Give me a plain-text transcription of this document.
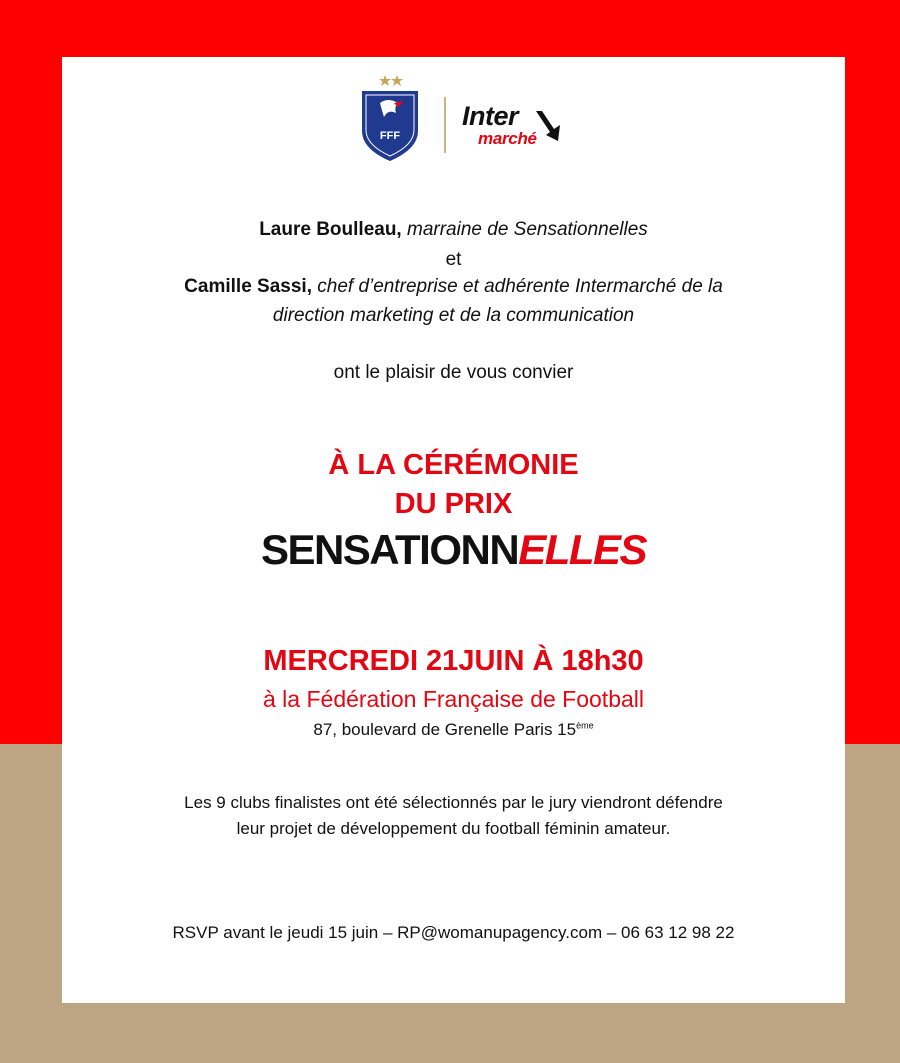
FFF
Inter
marché
Laure Boulleau, marraine de Sensationnelles
et
Camille Sassi, chef d’entreprise et adhérente Intermarché de la
direction marketing et de la communication
ont le plaisir de vous convier
À LA CÉRÉMONIE
DU PRIX
SENSATIONNELLES
MERCREDI 21JUIN À 18h30
à la Fédération Française de Football
87, boulevard de Grenelle Paris 15ème
Les 9 clubs finalistes ont été sélectionnés par le jury viendront défendre
leur projet de développement du football féminin amateur.
RSVP avant le jeudi 15 juin – RP@womanupagency.com – 06 63 12 98 22
